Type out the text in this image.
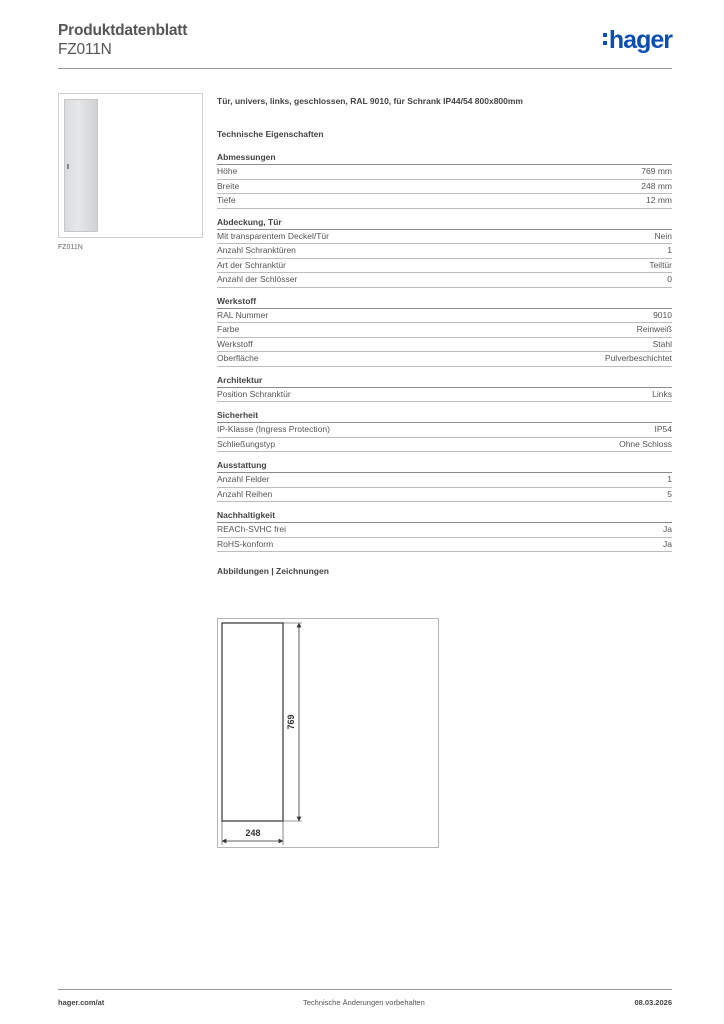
Produktdatenblatt
FZ011N	hager
FZ011N
Tür, univers, links, geschlossen, RAL 9010, für Schrank IP44/54 800x800mm
Technische Eigenschaften
Abmessungen
Höhe	769 mm
Breite	248 mm
Tiefe	12 mm
Abdeckung, Tür
Mit transparentem Deckel/Tür	Nein
Anzahl Schranktüren	1
Art der Schranktür	Teiltür
Anzahl der Schlösser	0
Werkstoff
RAL Nummer	9010
Farbe	Reinweiß
Werkstoff	Stahl
Oberfläche	Pulverbeschichtet
Architektur
Position Schranktür	Links
Sicherheit
IP-Klasse (Ingress Protection)	IP54
Schließungstyp	Ohne Schloss
Ausstattung
Anzahl Felder	1
Anzahl Reihen	5
Nachhaltigkeit
REACh-SVHC frei	Ja
RoHS-konform	Ja
Abbildungen | Zeichnungen
769
248
hager.com/at	Technische Änderungen vorbehalten	08.03.2026
